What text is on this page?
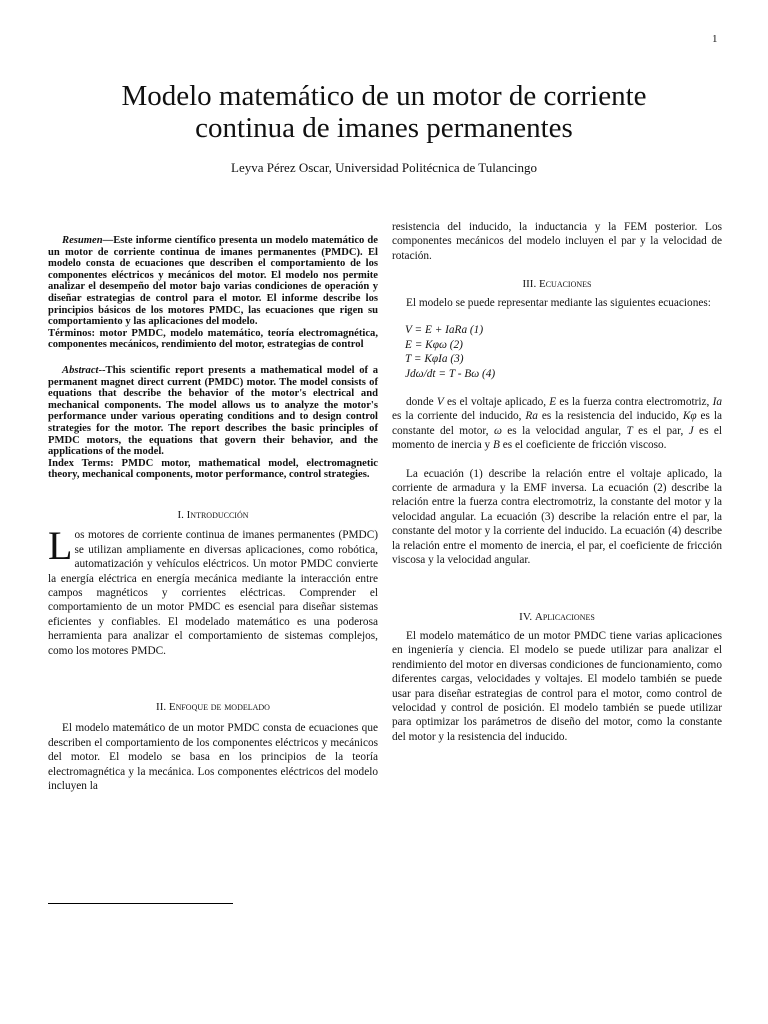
1
Modelo matemático de un motor de corriente
continua de imanes permanentes
Leyva Pérez Oscar, Universidad Politécnica de Tulancingo

Resumen—Este informe científico presenta un modelo matemático de un motor de corriente continua de imanes permanentes (PMDC). El modelo consta de ecuaciones que describen el comportamiento de los componentes eléctricos y mecánicos del motor. El modelo nos permite analizar el desempeño del motor bajo varias condiciones de operación y diseñar estrategias de control para el motor. El informe describe los principios básicos de los motores PMDC, las ecuaciones que rigen su comportamiento y las aplicaciones del modelo.

Términos: motor PMDC, modelo matemático, teoría electromagnética, componentes mecánicos, rendimiento del motor, estrategias de control

Abstract--This scientific report presents a mathematical model of a permanent magnet direct current (PMDC) motor. The model consists of equations that describe the behavior of the motor's electrical and mechanical components. The model allows us to analyze the motor's performance under various operating conditions and to design control strategies for the motor. The report describes the basic principles of PMDC motors, the equations that govern their behavior, and the applications of the model.

Index Terms: PMDC motor, mathematical model, electromagnetic theory, mechanical components, motor performance, control strategies.

I. Introducción

Los motores de corriente continua de imanes permanentes (PMDC) se utilizan ampliamente en diversas aplicaciones, como robótica, automatización y vehículos eléctricos. Un motor PMDC convierte la energía eléctrica en energía mecánica mediante la interacción entre campos magnéticos y corrientes eléctricas. Comprender el comportamiento de un motor PMDC es esencial para diseñar sistemas eficientes y confiables. El modelado matemático es una poderosa herramienta para analizar el comportamiento de sistemas complejos, como los motores PMDC.

II. Enfoque de modelado

El modelo matemático de un motor PMDC consta de ecuaciones que describen el comportamiento de los componentes eléctricos y mecánicos del motor. El modelo se basa en los principios de la teoría electromagnética y la mecánica. Los componentes eléctricos del modelo incluyen la

resistencia del inducido, la inductancia y la FEM posterior. Los componentes mecánicos del modelo incluyen el par y la velocidad de rotación.

III. Ecuaciones

El modelo se puede representar mediante las siguientes ecuaciones:

V = E + IaRa (1)
E = Kφω (2)
T = KφIa (3)
Jdω/dt = T - Bω (4)

donde V es el voltaje aplicado, E es la fuerza contra electromotriz, Ia es la corriente del inducido, Ra es la resistencia del inducido, Kφ es la constante del motor, ω es la velocidad angular, T es el par, J es el momento de inercia y B es el coeficiente de fricción viscoso.

La ecuación (1) describe la relación entre el voltaje aplicado, la corriente de armadura y la EMF inversa. La ecuación (2) describe la relación entre la fuerza contra electromotriz, la constante del motor y la velocidad angular. La ecuación (3) describe la relación entre el par, la constante del motor y la corriente del inducido. La ecuación (4) describe la relación entre el momento de inercia, el par, el coeficiente de fricción viscosa y la velocidad angular.

IV. Aplicaciones

El modelo matemático de un motor PMDC tiene varias aplicaciones en ingeniería y ciencia. El modelo se puede utilizar para analizar el rendimiento del motor en diversas condiciones de funcionamiento, como diferentes cargas, velocidades y voltajes. El modelo también se puede usar para diseñar estrategias de control para el motor, como control de velocidad y control de posición. El modelo también se puede utilizar para optimizar los parámetros de diseño del motor, como la constante del motor y la resistencia del inducido.
